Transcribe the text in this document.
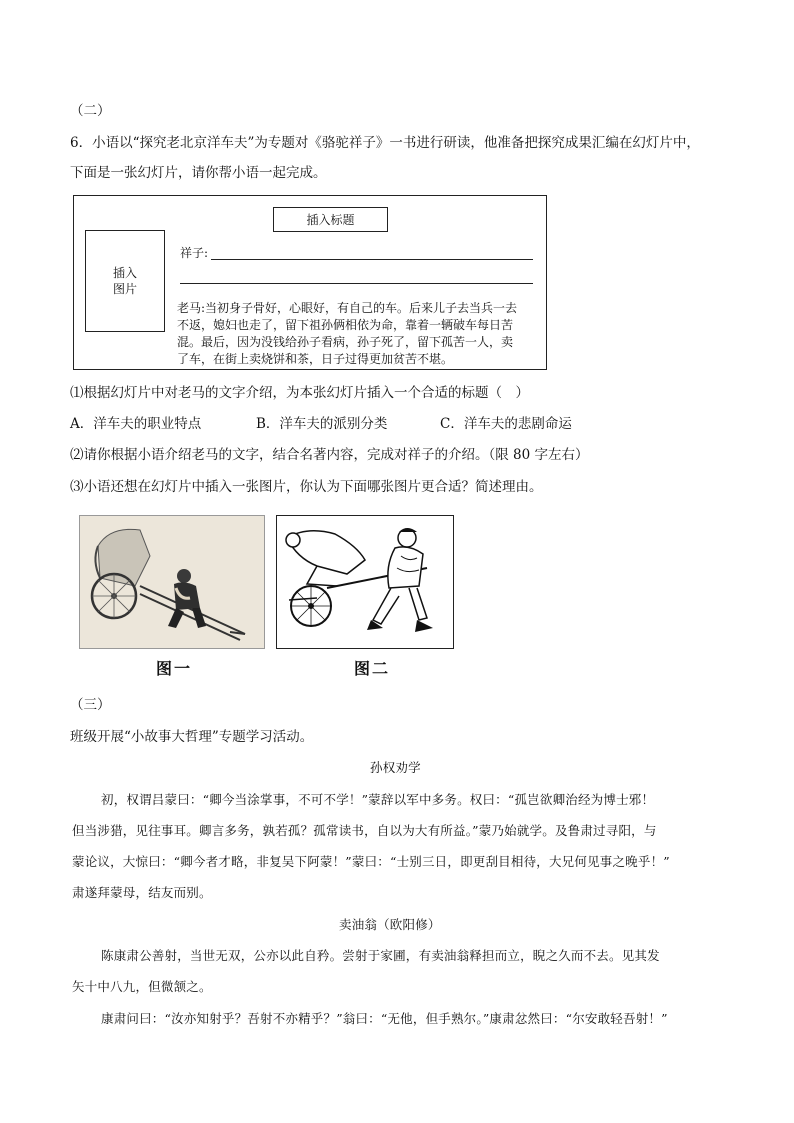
（二）
6．小语以“探究老北京洋车夫”为专题对《骆驼祥子》一书进行研读，他准备把探究成果汇编在幻灯片中，
下面是一张幻灯片，请你帮小语一起完成。
插入标题
插入
图片
祥子:
老马:当初身子骨好，心眼好，有自己的车。后来儿子去当兵一去
不返，媳妇也走了，留下祖孙俩相依为命，靠着一辆破车每日苦
混。最后，因为没钱给孙子看病，孙子死了，留下孤苦一人，卖
了车，在街上卖烧饼和茶，日子过得更加贫苦不堪。
⑴根据幻灯片中对老马的文字介绍，为本张幻灯片插入一个合适的标题（　）
A．洋车夫的职业特点	B．洋车夫的派别分类	C．洋车夫的悲剧命运
⑵请你根据小语介绍老马的文字，结合名著内容，完成对祥子的介绍。（限 80 字左右）
⑶小语还想在幻灯片中插入一张图片，你认为下面哪张图片更合适？简述理由。
图一	图二
（三）
班级开展“小故事大哲理”专题学习活动。
孙权劝学
初，权谓吕蒙曰：“卿今当涂掌事，不可不学！”蒙辞以军中多务。权曰：“孤岂欲卿治经为博士邪！
但当涉猎，见往事耳。卿言多务，孰若孤？孤常读书，自以为大有所益。”蒙乃始就学。及鲁肃过寻阳，与
蒙论议，大惊曰：“卿今者才略，非复吴下阿蒙！”蒙曰：“士别三日，即更刮目相待，大兄何见事之晚乎！”
肃遂拜蒙母，结友而别。
卖油翁（欧阳修）
陈康肃公善射，当世无双，公亦以此自矜。尝射于家圃，有卖油翁释担而立，睨之久而不去。见其发
矢十中八九，但微颔之。
康肃问曰：“汝亦知射乎？吾射不亦精乎？”翁曰：“无他，但手熟尔。”康肃忿然曰：“尔安敢轻吾射！”
